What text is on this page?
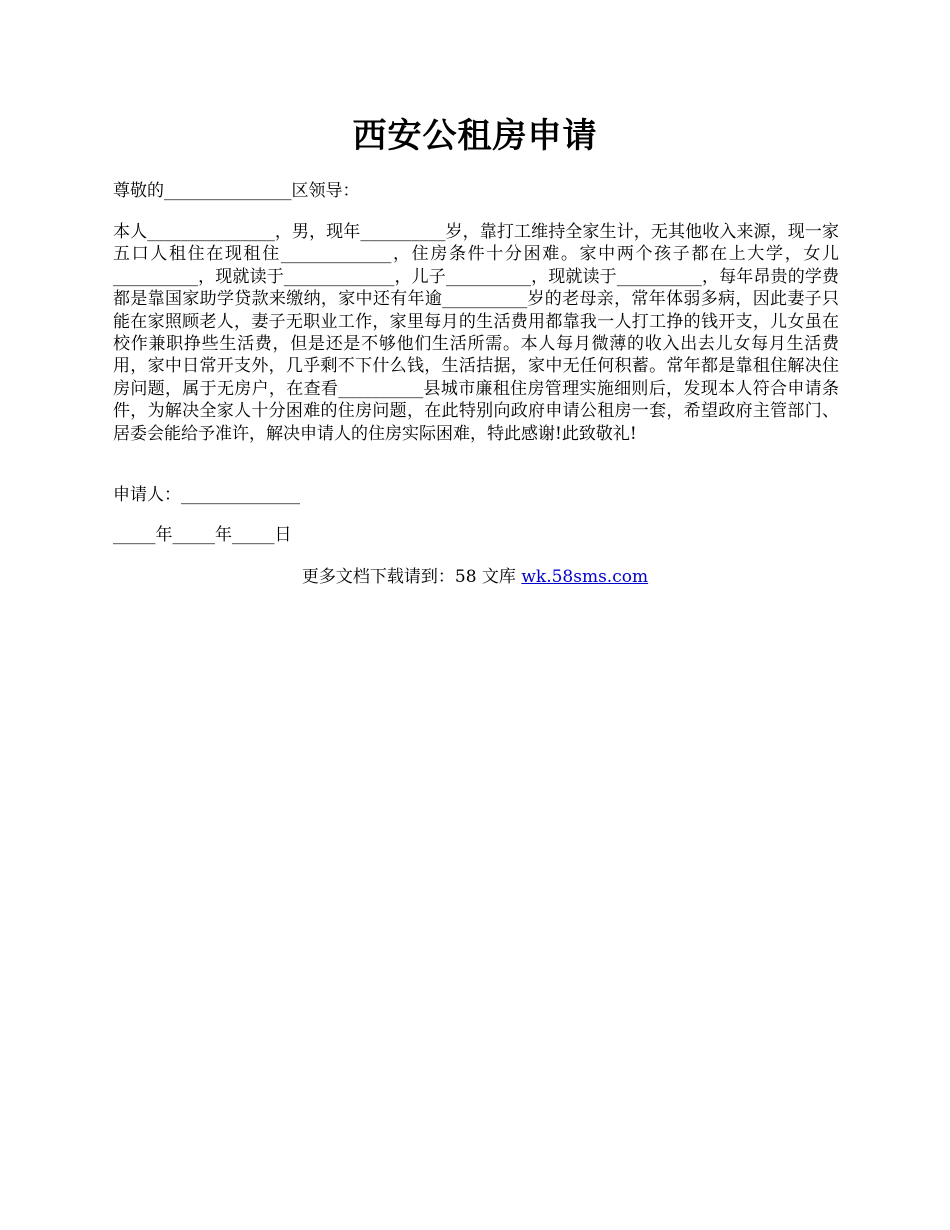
西安公租房申请
尊敬的_______________区领导：
本人_______________，男，现年__________岁，靠打工维持全家生计，无其他收入来源，现一家五口人租住在现租住_____________，住房条件十分困难。家中两个孩子都在上大学，女儿__________，现就读于_____________，儿子__________，现就读于__________，每年昂贵的学费都是靠国家助学贷款来缴纳，家中还有年逾__________岁的老母亲，常年体弱多病，因此妻子只能在家照顾老人，妻子无职业工作，家里每月的生活费用都靠我一人打工挣的钱开支，儿女虽在校作兼职挣些生活费，但是还是不够他们生活所需。本人每月微薄的收入出去儿女每月生活费用，家中日常开支外，几乎剩不下什么钱，生活拮据，家中无任何积蓄。常年都是靠租住解决住房问题，属于无房户，在查看__________县城市廉租住房管理实施细则后，发现本人符合申请条件，为解决全家人十分困难的住房问题，在此特别向政府申请公租房一套，希望政府主管部门、居委会能给予准许，解决申请人的住房实际困难，特此感谢!此致敬礼!
申请人：______________
_____年_____年_____日
更多文档下载请到：58 文库 wk.58sms.com
